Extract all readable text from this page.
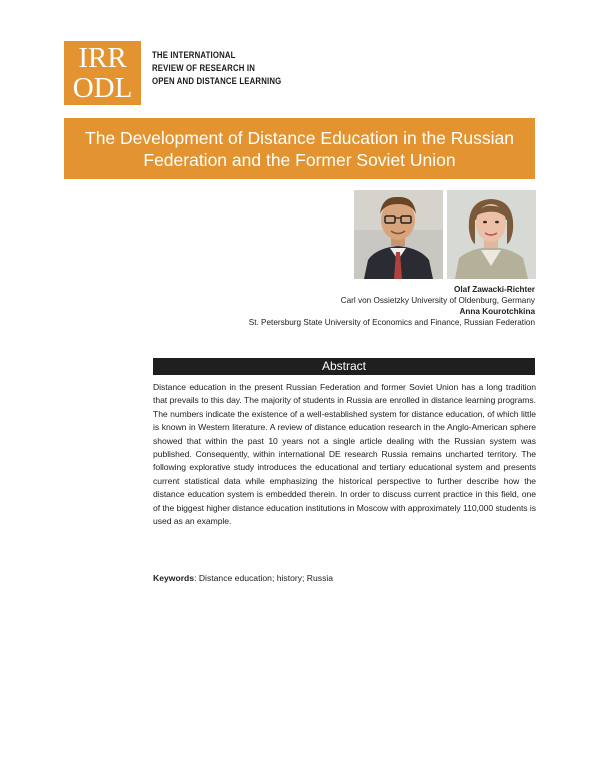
IRR
ODL
THE INTERNATIONAL
REVIEW OF RESEARCH IN
OPEN AND DISTANCE LEARNING
The Development of Distance Education in the Russian Federation and the Former Soviet Union
Olaf Zawacki-Richter
Carl von Ossietzky University of Oldenburg, Germany
Anna Kourotchkina
St. Petersburg State University of Economics and Finance, Russian Federation
Abstract
Distance education in the present Russian Federation and former Soviet Union has a long tradition that prevails to this day. The majority of students in Russia are enrolled in distance learning programs. The numbers indicate the existence of a well-established system for distance education, of which little is known in Western literature. A review of distance education research in the Anglo-American sphere showed that within the past 10 years not a single article dealing with the Russian system was published. Consequently, within international DE research Russia remains uncharted territory. The following explorative study introduces the educational and tertiary educational system and presents current statistical data while emphasizing the historical perspective to further describe how the distance education system is embedded therein. In order to discuss current practice in this field, one of the biggest higher distance education institutions in Moscow with approximately 110,000 students is used as an example.
Keywords: Distance education; history; Russia
